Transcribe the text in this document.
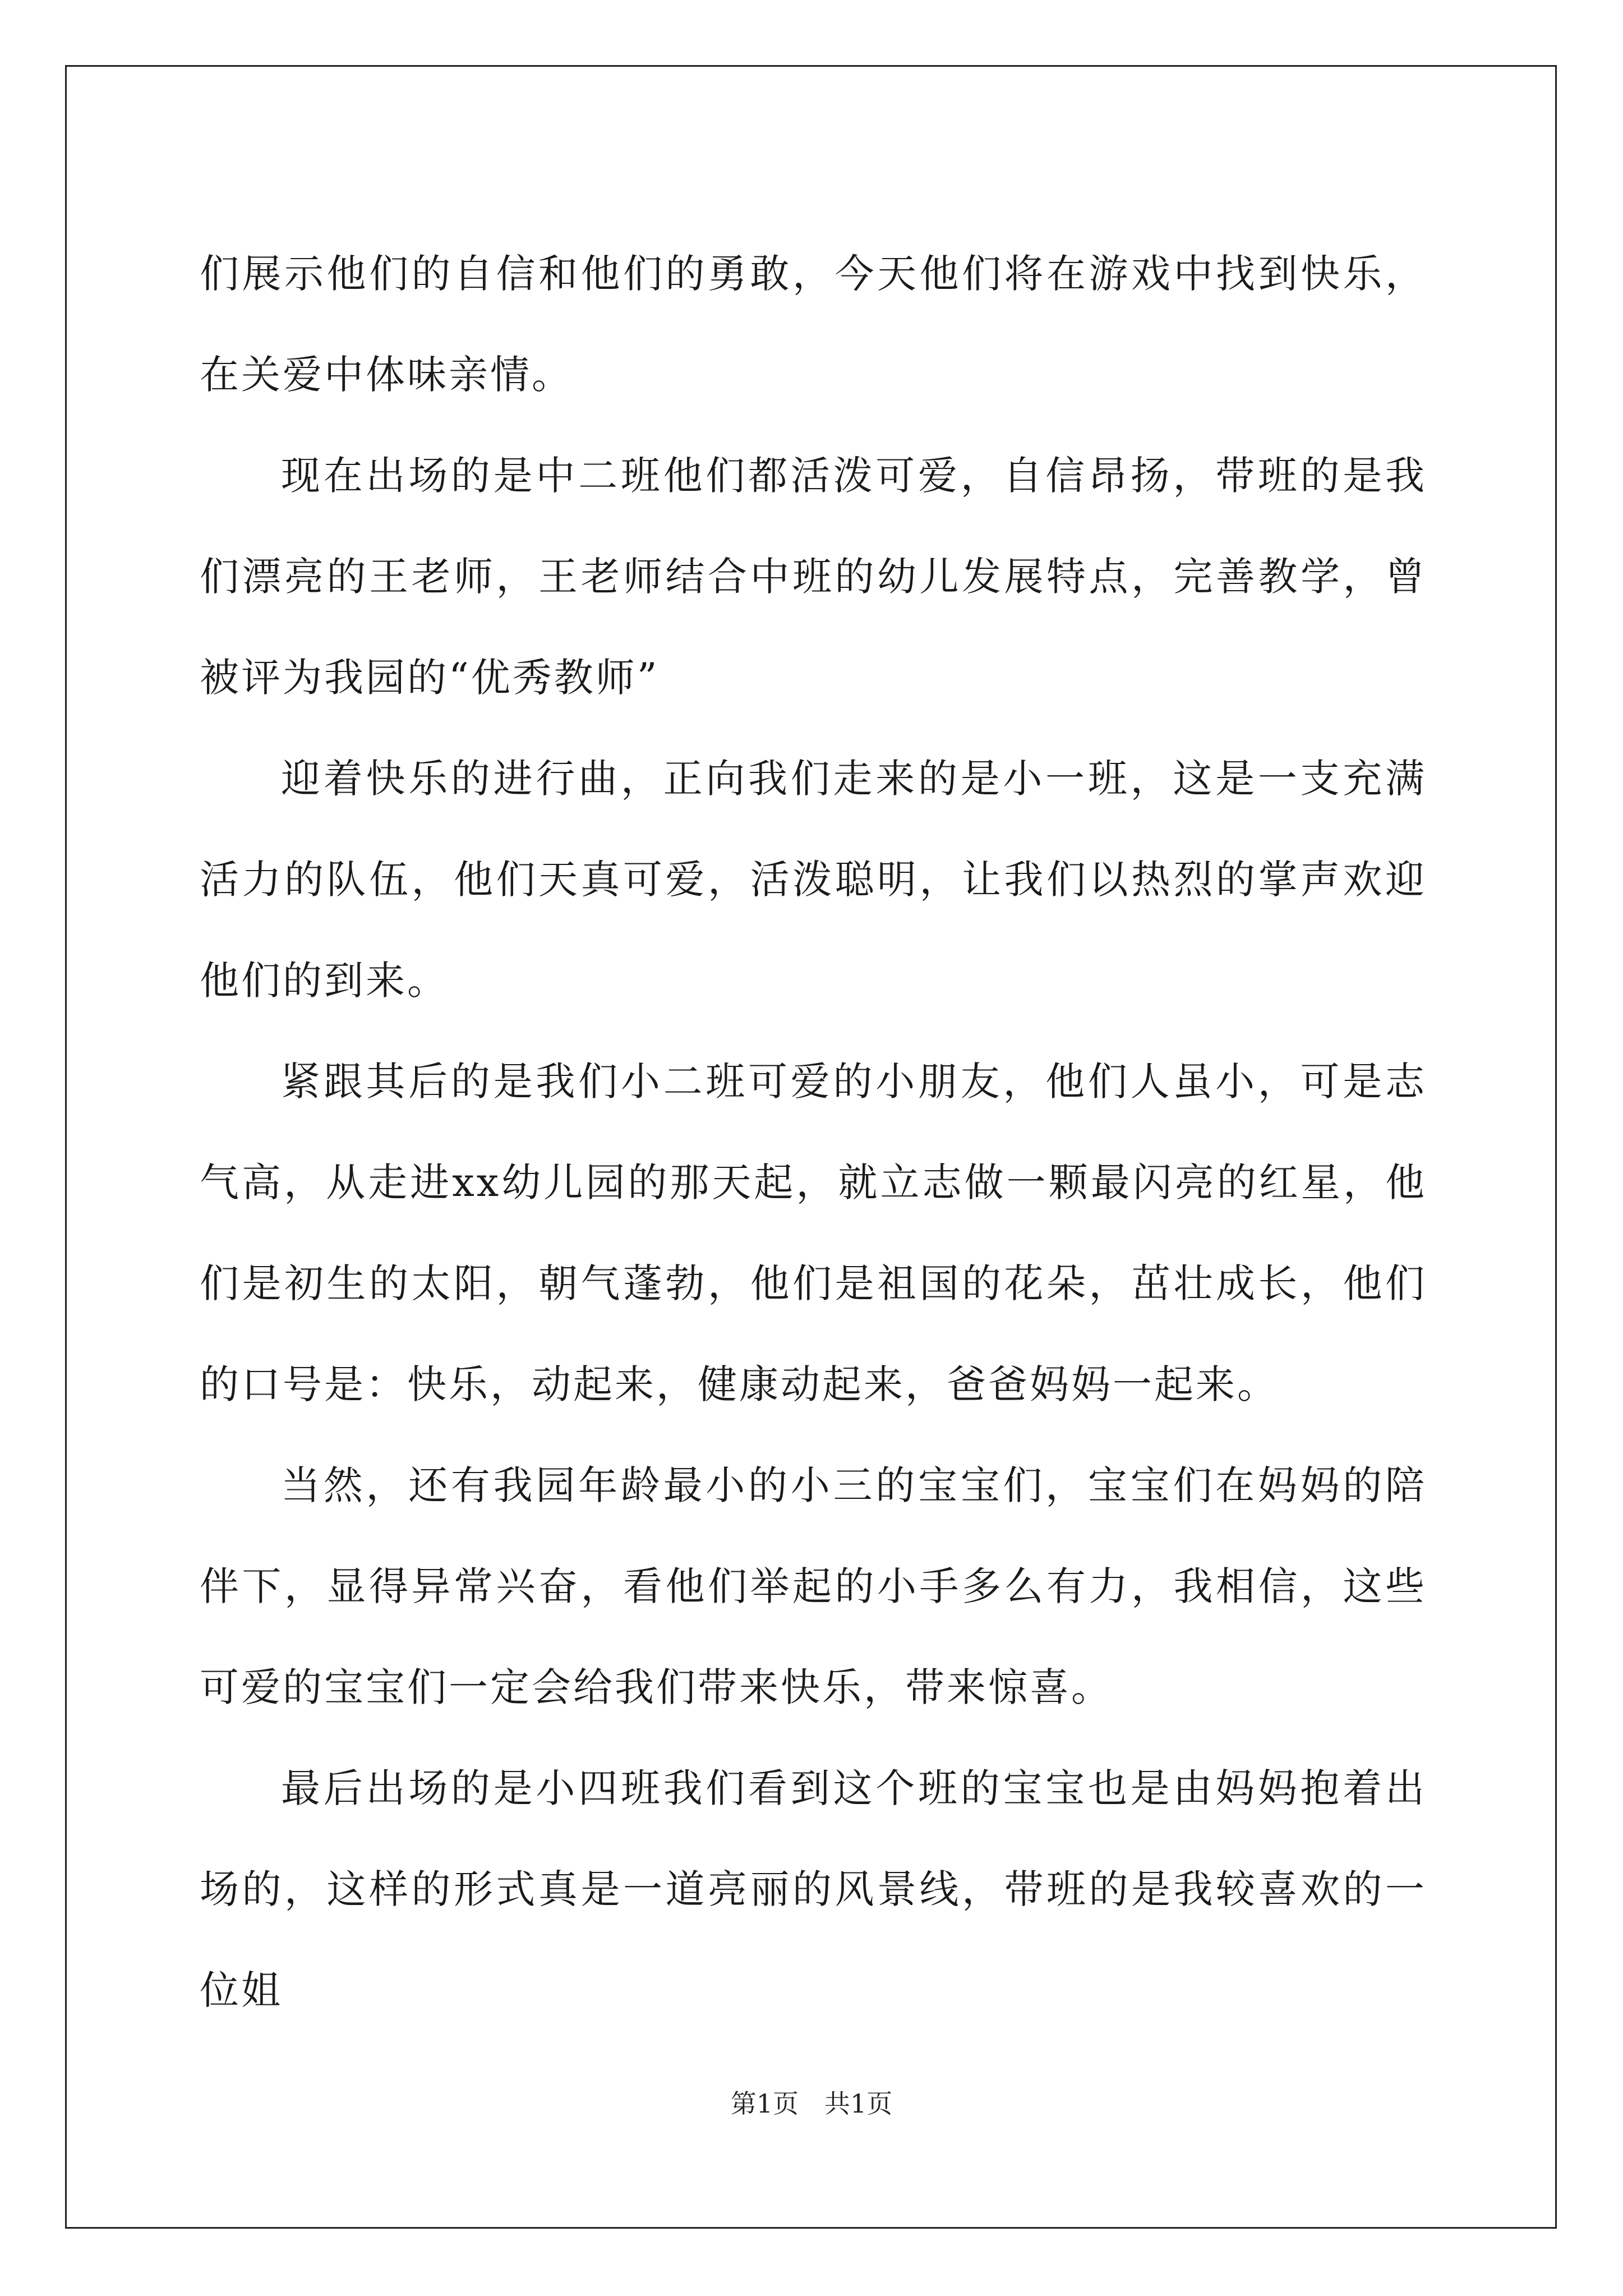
们展示他们的自信和他们的勇敢，今天他们将在游戏中找到快乐，在关爱中体味亲情。

现在出场的是中二班他们都活泼可爱，自信昂扬，带班的是我们漂亮的王老师，王老师结合中班的幼儿发展特点，完善教学，曾被评为我园的“优秀教师”

迎着快乐的进行曲，正向我们走来的是小一班，这是一支充满活力的队伍，他们天真可爱，活泼聪明，让我们以热烈的掌声欢迎他们的到来。

紧跟其后的是我们小二班可爱的小朋友，他们人虽小，可是志气高，从走进xx幼儿园的那天起，就立志做一颗最闪亮的红星，他们是初生的太阳，朝气蓬勃，他们是祖国的花朵，茁壮成长，他们的口号是：快乐，动起来，健康动起来，爸爸妈妈一起来。

当然，还有我园年龄最小的小三的宝宝们，宝宝们在妈妈的陪伴下，显得异常兴奋，看他们举起的小手多么有力，我相信，这些可爱的宝宝们一定会给我们带来快乐，带来惊喜。

最后出场的是小四班我们看到这个班的宝宝也是由妈妈抱着出场的，这样的形式真是一道亮丽的风景线，带班的是我较喜欢的一位姐

第1页　共1页
